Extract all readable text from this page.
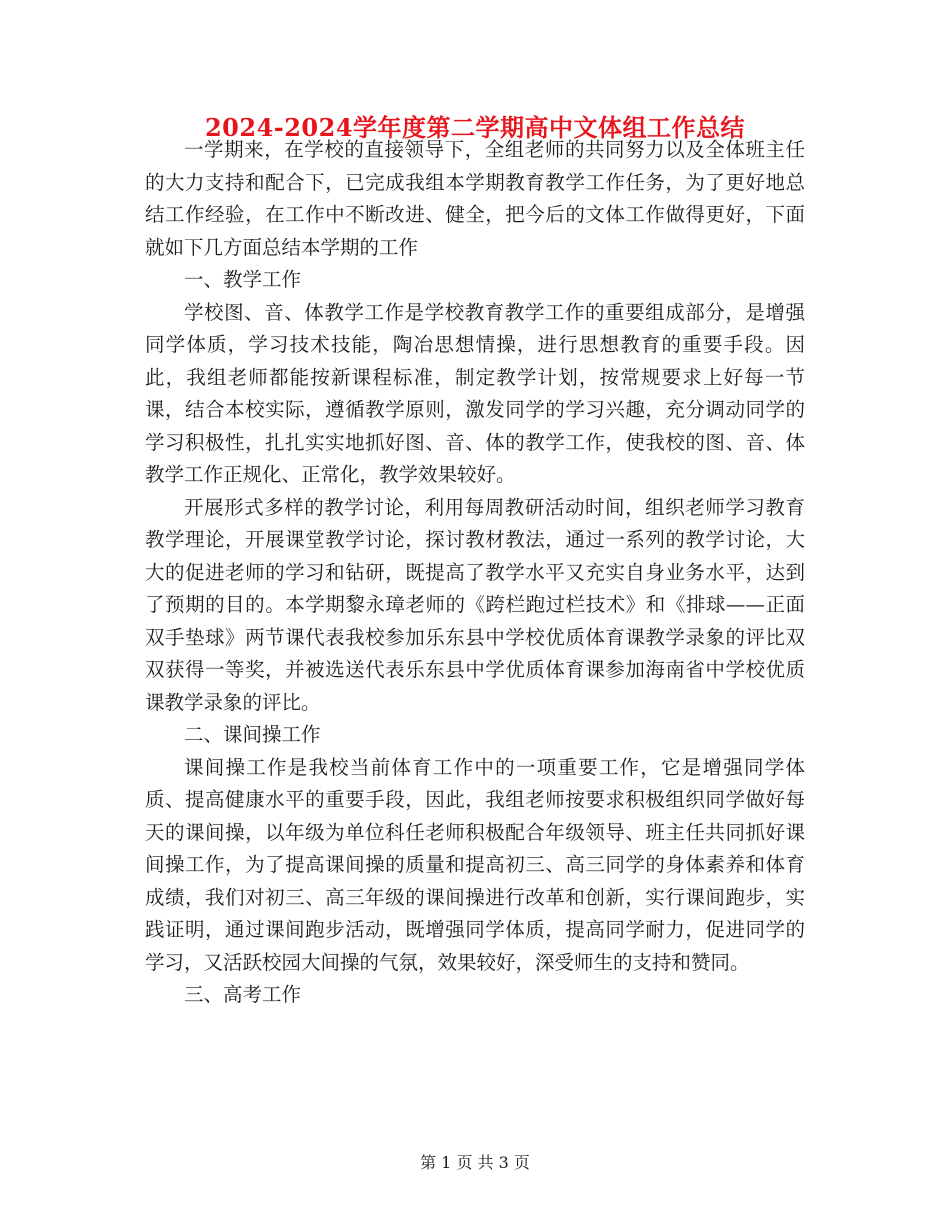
2024-2024学年度第二学期高中文体组工作总结

一学期来，在学校的直接领导下，全组老师的共同努力以及全体班主任的大力支持和配合下，已完成我组本学期教育教学工作任务，为了更好地总结工作经验，在工作中不断改进、健全，把今后的文体工作做得更好，下面就如下几方面总结本学期的工作

一、教学工作

学校图、音、体教学工作是学校教育教学工作的重要组成部分，是增强同学体质，学习技术技能，陶冶思想情操，进行思想教育的重要手段。因此，我组老师都能按新课程标准，制定教学计划，按常规要求上好每一节课，结合本校实际，遵循教学原则，激发同学的学习兴趣，充分调动同学的学习积极性，扎扎实实地抓好图、音、体的教学工作，使我校的图、音、体教学工作正规化、正常化，教学效果较好。

开展形式多样的教学讨论，利用每周教研活动时间，组织老师学习教育教学理论，开展课堂教学讨论，探讨教材教法，通过一系列的教学讨论，大大的促进老师的学习和钻研，既提高了教学水平又充实自身业务水平，达到了预期的目的。本学期黎永璋老师的《跨栏跑过栏技术》和《排球——正面双手垫球》两节课代表我校参加乐东县中学校优质体育课教学录象的评比双双获得一等奖，并被选送代表乐东县中学优质体育课参加海南省中学校优质课教学录象的评比。

二、课间操工作

课间操工作是我校当前体育工作中的一项重要工作，它是增强同学体质、提高健康水平的重要手段，因此，我组老师按要求积极组织同学做好每天的课间操，以年级为单位科任老师积极配合年级领导、班主任共同抓好课间操工作，为了提高课间操的质量和提高初三、高三同学的身体素养和体育成绩，我们对初三、高三年级的课间操进行改革和创新，实行课间跑步，实践证明，通过课间跑步活动，既增强同学体质，提高同学耐力，促进同学的学习，又活跃校园大间操的气氛，效果较好，深受师生的支持和赞同。

三、高考工作

第 1 页 共 3 页
